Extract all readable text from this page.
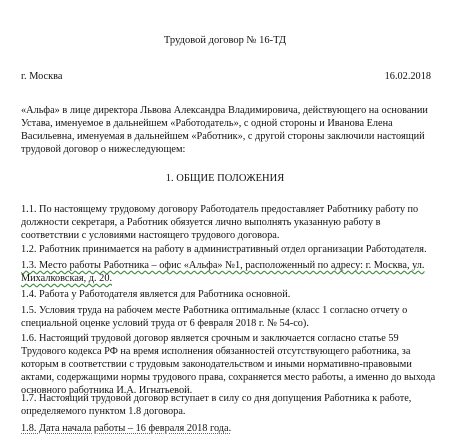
Трудовой договор № 16-ТД
г. Москва	16.02.2018
«Альфа» в лице директора Львова Александра Владимировича, действующего на основании Устава, именуемое в дальнейшем «Работодатель», с одной стороны и Иванова Елена Васильевна, именуемая в дальнейшем «Работник», с другой стороны заключили настоящий трудовой договор о нижеследующем:
1. ОБЩИЕ ПОЛОЖЕНИЯ
1.1. По настоящему трудовому договору Работодатель предоставляет Работнику работу по должности секретаря, а Работник обязуется лично выполнять указанную работу в соответствии с условиями настоящего трудового договора.
1.2. Работник принимается на работу в административный отдел организации Работодателя.
1.3. Место работы Работника – офис «Альфа» №1, расположенный по адресу: г. Москва, ул. Михалковская, д. 20.
1.4. Работа у Работодателя является для Работника основной.
1.5. Условия труда на рабочем месте Работника оптимальные (класс 1 согласно отчету о специальной оценке условий труда от 6 февраля 2018 г. № 54-со).
1.6. Настоящий трудовой договор является срочным и заключается согласно статье 59 Трудового кодекса РФ на время исполнения обязанностей отсутствующего работника, за которым в соответствии с трудовым законодательством и иными нормативно-правовыми актами, содержащими нормы трудового права, сохраняется место работы, а именно до выхода основного работника И.А. Игнатьевой.
1.7. Настоящий трудовой договор вступает в силу со дня допущения Работника к работе, определяемого пунктом 1.8 договора.
1.8. Дата начала работы – 16 февраля 2018 года.
